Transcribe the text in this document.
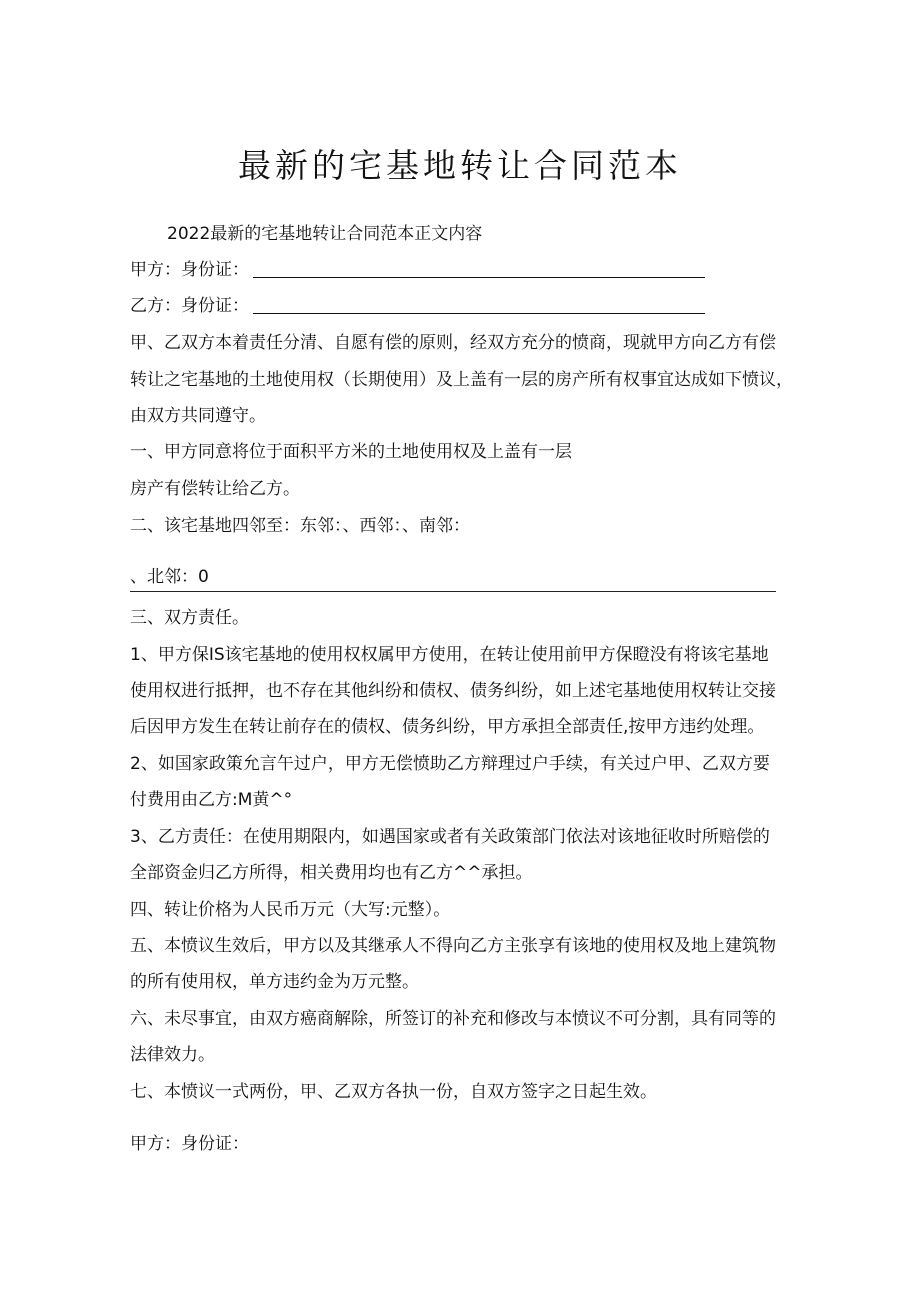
最新的宅基地转让合同范本
2022最新的宅基地转让合同范本正文内容
甲方：身份证：
乙方：身份证：
甲、乙双方本着责任分清、自愿有偿的原则，经双方充分的愤商，现就甲方向乙方有偿
转让之宅基地的土地使用权（长期使用）及上盖有一层的房产所有权事宜达成如下愤议，
由双方共同遵守。
一、甲方同意将位于面积平方米的土地使用权及上盖有一层
房产有偿转让给乙方。
二、该宅基地四邻至：东邻：、西邻：、南邻：
、北邻：0
三、双方责任。
1、甲方保IS该宅基地的使用权权属甲方使用，在转让使用前甲方保瞪没有将该宅基地
使用权进行抵押，也不存在其他纠纷和债权、债务纠纷，如上述宅基地使用权转让交接
后因甲方发生在转让前存在的债权、债务纠纷，甲方承担全部责任,按甲方违约处理。
2、如国家政策允言午过户，甲方无偿愤助乙方辩理过户手续，有关过户甲、乙双方要
付费用由乙方:M黄^°
3、乙方责任：在使用期限内，如遇国家或者有关政策部门依法对该地征收时所赔偿的
全部资金归乙方所得，相关费用均也有乙方^^承担。
四、转让价格为人民币万元（大写:元整）。
五、本愤议生效后，甲方以及其继承人不得向乙方主张享有该地的使用权及地上建筑物
的所有使用权，单方违约金为万元整。
六、未尽事宜，由双方癌商解除，所签订的补充和修改与本愤议不可分割，具有同等的
法律效力。
七、本愤议一式两份，甲、乙双方各执一份，自双方签字之日起生效。
甲方：身份证：
